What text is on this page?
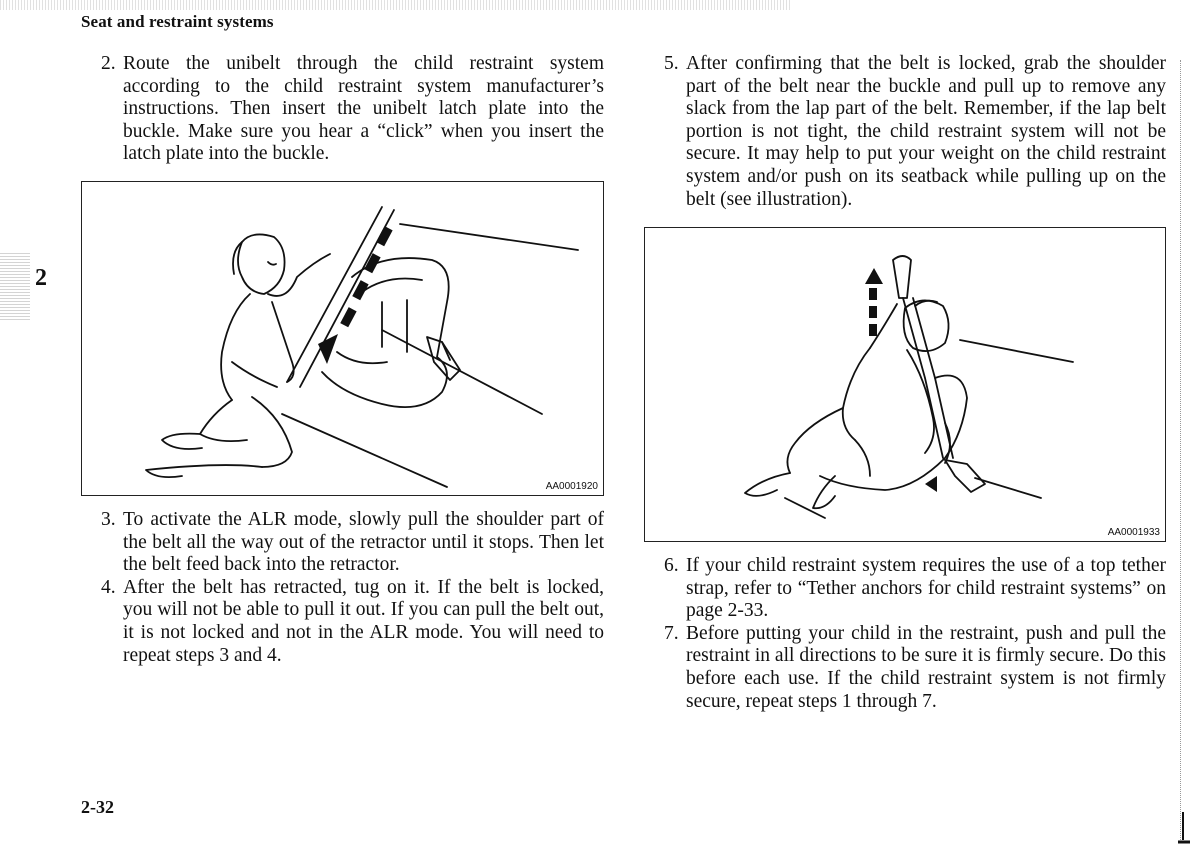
Seat and restraint systems
2
2. Route the unibelt through the child restraint system according to the child restraint system manufacturer’s instructions. Then insert the unibelt latch plate into the buckle. Make sure you hear a “click” when you insert the latch plate into the buckle.
AA0001920
3. To activate the ALR mode, slowly pull the shoulder part of the belt all the way out of the retractor until it stops. Then let the belt feed back into the retractor.
4. After the belt has retracted, tug on it. If the belt is locked, you will not be able to pull it out. If you can pull the belt out, it is not locked and not in the ALR mode. You will need to repeat steps 3 and 4.
5. After confirming that the belt is locked, grab the shoulder part of the belt near the buckle and pull up to remove any slack from the lap part of the belt. Remember, if the lap belt portion is not tight, the child restraint system will not be secure. It may help to put your weight on the child restraint system and/or push on its seatback while pulling up on the belt (see illustration).
AA0001933
6. If your child restraint system requires the use of a top tether strap, refer to “Tether anchors for child restraint systems” on page 2-33.
7. Before putting your child in the restraint, push and pull the restraint in all directions to be sure it is firmly secure. Do this before each use. If the child restraint system is not firmly secure, repeat steps 1 through 7.
2-32
